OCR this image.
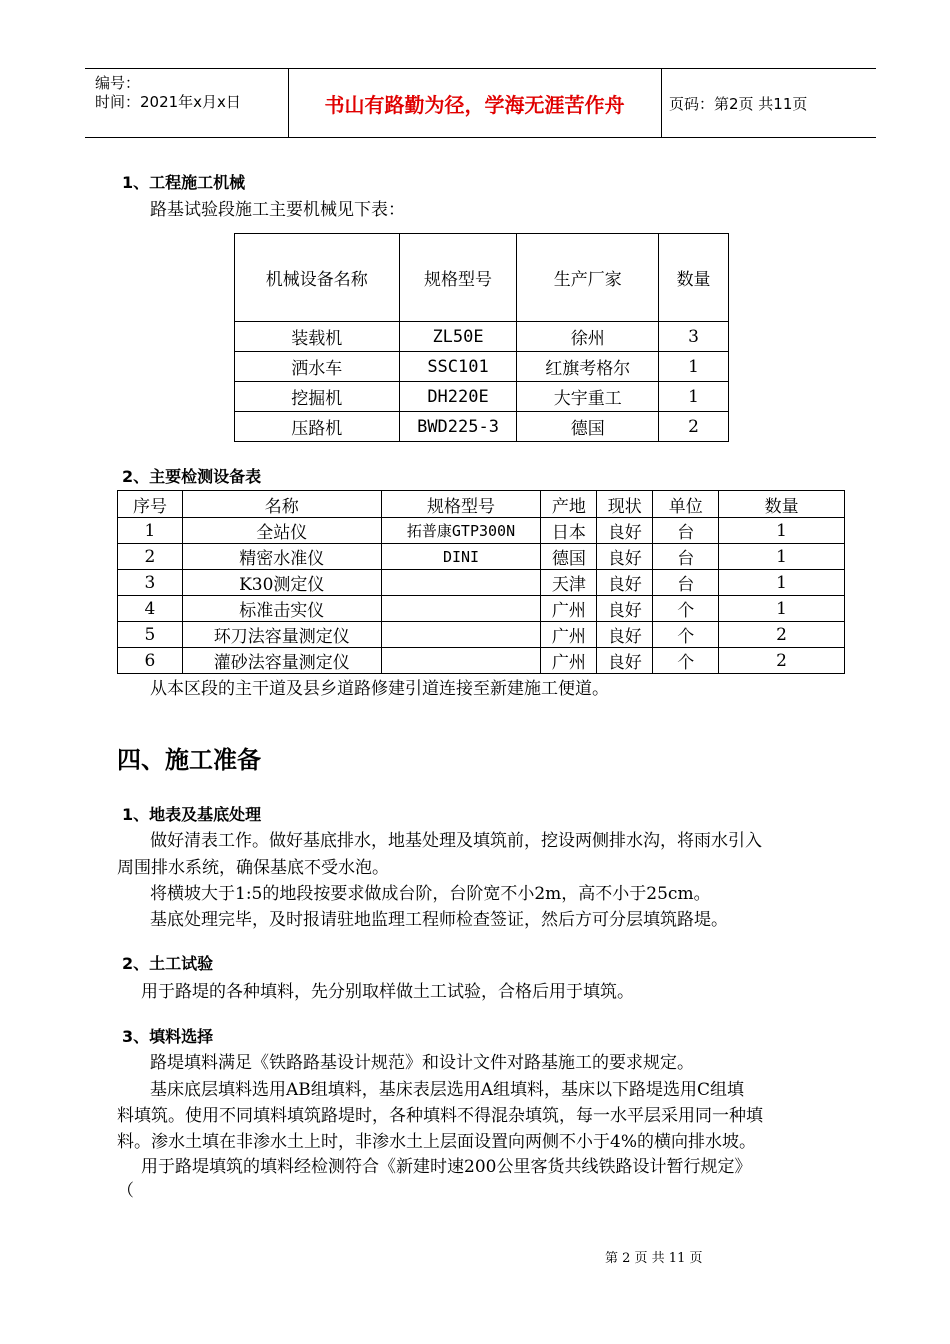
编号：
时间：2021年x月x日	书山有路勤为径，学海无涯苦作舟	页码：第2页 共11页
1、工程施工机械
路基试验段施工主要机械见下表：
机械设备名称	规格型号	生产厂家	数量
装载机	ZL50E	徐州	3
洒水车	SSC101	红旗考格尔	1
挖掘机	DH220E	大宇重工	1
压路机	BWD225-3	德国	2
2、主要检测设备表
序号	名称	规格型号	产地	现状	单位	数量
1	全站仪	拓普康GTP300N	日本	良好	台	1
2	精密水准仪	DINI	德国	良好	台	1
3	K30测定仪		天津	良好	台	1
4	标准击实仪		广州	良好	个	1
5	环刀法容量测定仪		广州	良好	个	2
6	灌砂法容量测定仪		广州	良好	个	2
从本区段的主干道及县乡道路修建引道连接至新建施工便道。
四、施工准备
1、地表及基底处理
做好清表工作。做好基底排水，地基处理及填筑前，挖设两侧排水沟，将雨水引入
周围排水系统，确保基底不受水泡。
将横坡大于1:5的地段按要求做成台阶，台阶宽不小2m，高不小于25cm。
基底处理完毕，及时报请驻地监理工程师检查签证，然后方可分层填筑路堤。
2、土工试验
用于路堤的各种填料，先分别取样做土工试验，合格后用于填筑。
3、填料选择
路堤填料满足《铁路路基设计规范》和设计文件对路基施工的要求规定。
基床底层填料选用AB组填料，基床表层选用A组填料，基床以下路堤选用C组填
料填筑。使用不同填料填筑路堤时，各种填料不得混杂填筑，每一水平层采用同一种填
料。渗水土填在非渗水土上时，非渗水土上层面设置向两侧不小于4%的横向排水坡。
用于路堤填筑的填料经检测符合《新建时速200公里客货共线铁路设计暂行规定》
（
第 2 页 共 11 页
